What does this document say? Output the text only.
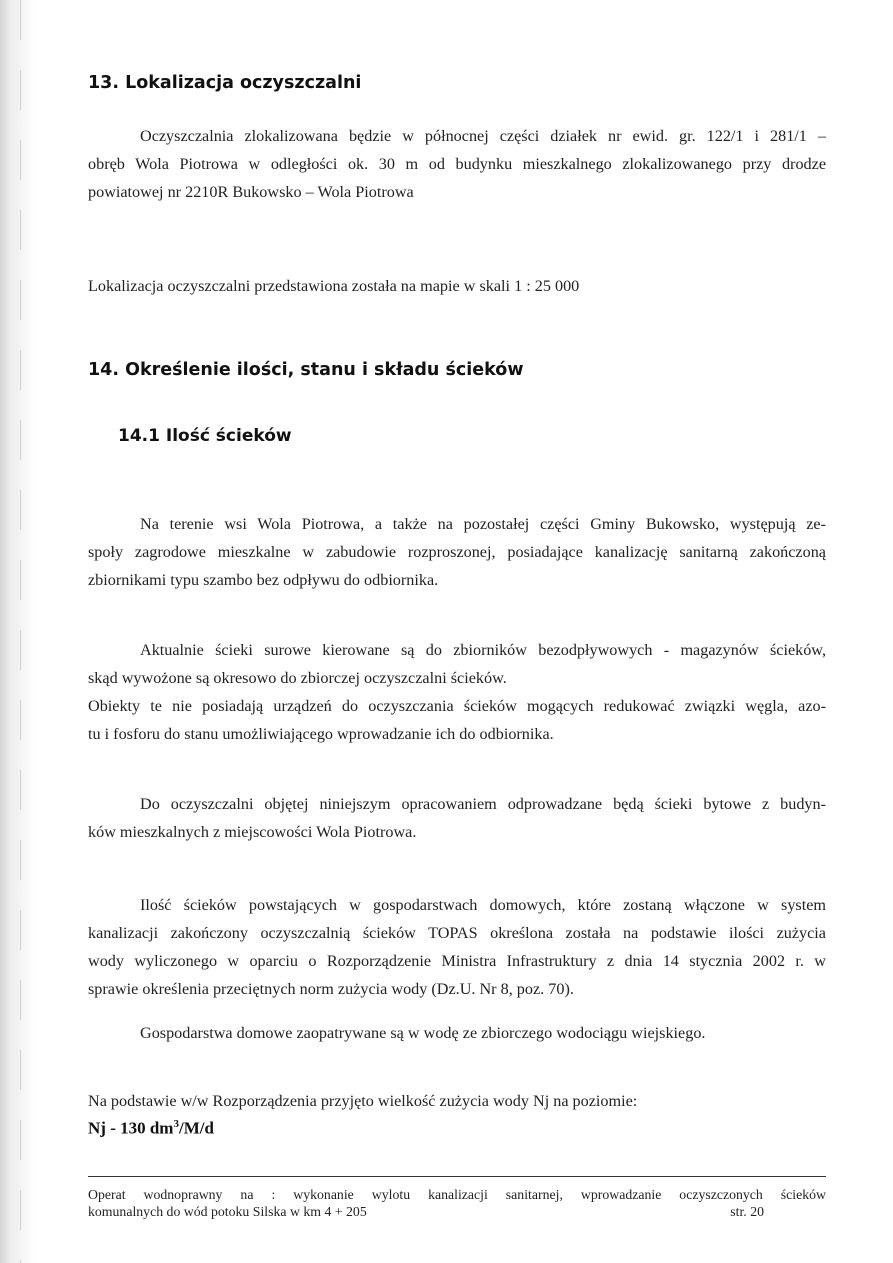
13. Lokalizacja oczyszczalni
Oczyszczalnia zlokalizowana będzie w północnej części działek nr ewid. gr. 122/1 i 281/1 –
obręb Wola Piotrowa w odległości ok. 30 m od budynku mieszkalnego zlokalizowanego przy drodze
powiatowej nr 2210R Bukowsko – Wola Piotrowa
Lokalizacja oczyszczalni przedstawiona została na mapie w skali 1 : 25 000
14. Określenie ilości, stanu i składu ścieków
14.1 Ilość ścieków
Na terenie wsi Wola Piotrowa, a także na pozostałej części Gminy Bukowsko, występują ze-
społy zagrodowe mieszkalne w zabudowie rozproszonej, posiadające kanalizację sanitarną zakończoną
zbiornikami typu szambo bez odpływu do odbiornika.
Aktualnie ścieki surowe kierowane są do zbiorników bezodpływowych - magazynów ścieków,
skąd wywożone są okresowo do zbiorczej oczyszczalni ścieków.
Obiekty te nie posiadają urządzeń do oczyszczania ścieków mogących redukować związki węgla, azo-
tu i fosforu do stanu umożliwiającego wprowadzanie ich do odbiornika.
Do oczyszczalni objętej niniejszym opracowaniem odprowadzane będą ścieki bytowe z budyn-
ków mieszkalnych z miejscowości Wola Piotrowa.
Ilość ścieków powstających w gospodarstwach domowych, które zostaną włączone w system
kanalizacji zakończony oczyszczalnią ścieków TOPAS określona została na podstawie ilości zużycia
wody wyliczonego w oparciu o Rozporządzenie Ministra Infrastruktury z dnia 14 stycznia 2002 r. w
sprawie określenia przeciętnych norm zużycia wody (Dz.U. Nr 8, poz. 70).
Gospodarstwa domowe zaopatrywane są w wodę ze zbiorczego wodociągu wiejskiego.
Na podstawie w/w Rozporządzenia przyjęto wielkość zużycia wody Nj na poziomie:
Nj - 130 $dm^3/M/d$
Operat wodnoprawny na : wykonanie wylotu kanalizacji sanitarnej, wprowadzanie oczyszczonych ścieków
komunalnych do wód potoku Silska w km 4 + 205	str. 20
